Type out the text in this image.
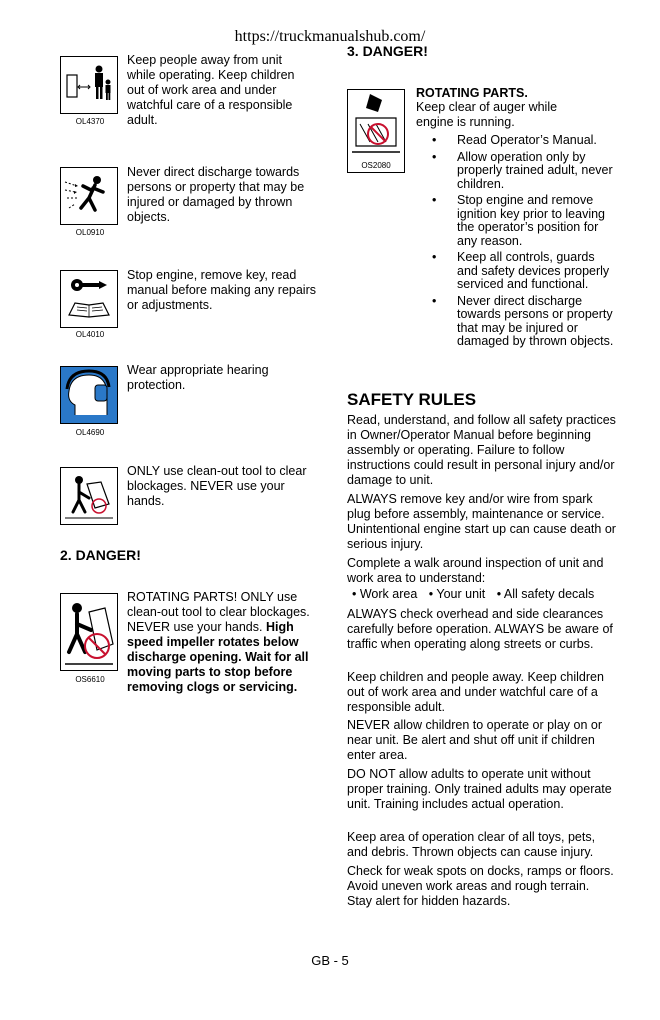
https://truckmanualshub.com/
OL4370
Keep people away from unit while operating. Keep children out of work area and under watchful care of a responsible adult.
OL0910
Never direct discharge towards persons or property that may be injured or damaged by thrown objects.
OL4010
Stop engine, remove key, read manual before making any repairs or adjustments.
OL4690
Wear appropriate hearing protection.
ONLY use clean-out tool to clear blockages. NEVER use your hands.
2. DANGER!
OS6610
ROTATING PARTS! ONLY use clean-out tool to clear blockages. NEVER use your hands. High speed impeller rotates below discharge opening. Wait for all moving parts to stop before removing clogs or servicing.
3. DANGER!
OS2080
ROTATING PARTS.
Keep clear of auger while engine is running.
• Read Operator’s Manual.
• Allow operation only by properly trained adult, never children.
• Stop engine and remove ignition key prior to leaving the operator’s position for any reason.
• Keep all controls, guards and safety devices properly serviced and functional.
• Never direct discharge towards persons or property that may be injured or damaged by thrown objects.
SAFETY RULES
Read, understand, and follow all safety practices in Owner/Operator Manual before beginning assembly or operating. Failure to follow instructions could result in personal injury and/or damage to unit.
ALWAYS remove key and/or wire from spark plug before assembly, maintenance or service. Unintentional engine start up can cause death or serious injury.
Complete a walk around inspection of unit and work area to understand:
• Work area • Your unit • All safety decals
ALWAYS check overhead and side clearances carefully before operation. ALWAYS be aware of traffic when operating along streets or curbs.
Keep children and people away. Keep children out of work area and under watchful care of a responsible adult.
NEVER allow children to operate or play on or near unit. Be alert and shut off unit if children enter area.
DO NOT allow adults to operate unit without proper training. Only trained adults may operate unit. Training includes actual operation.
Keep area of operation clear of all toys, pets, and debris. Thrown objects can cause injury.
Check for weak spots on docks, ramps or floors. Avoid uneven work areas and rough terrain. Stay alert for hidden hazards.
GB - 5
